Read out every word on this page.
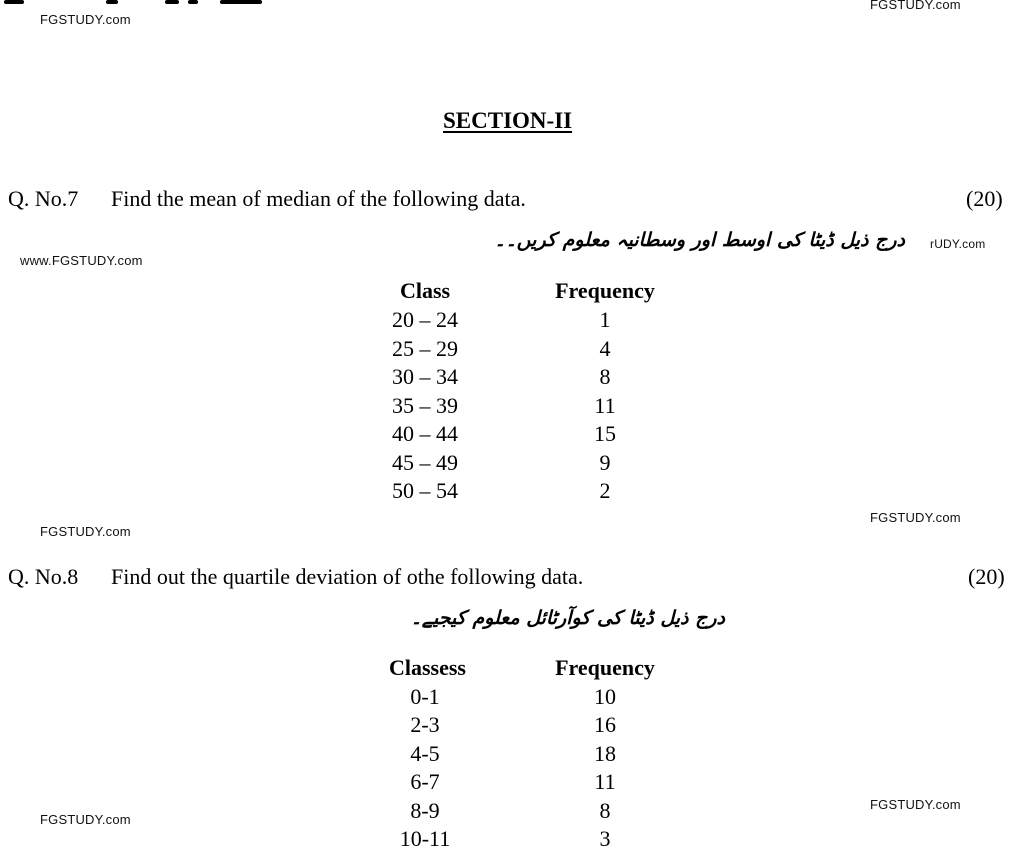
FGSTUDY.com
FGSTUDY.com
www.FGSTUDY.com
FGSTUDY.com
FGSTUDY.com
FGSTUDY.com
FGSTUDY.com
SECTION-II
Q. No.7 Find the mean of median of the following data.	(20)
درج ذیل ڈیٹا کی اوسط اور وسطانیہ معلوم کریں۔۔ rUDY.com
Class	Frequency
20 – 24	1
25 – 29	4
30 – 34	8
35 – 39	11
40 – 44	15
45 – 49	9
50 – 54	2
Q. No.8 Find out the quartile deviation of othe following data.	(20)
درج ذیل ڈیٹا کی کوآرٹائل معلوم کیجیے۔
Classess	Frequency
0-1	10
2-3	16
4-5	18
6-7	11
8-9	8
10-11	3
